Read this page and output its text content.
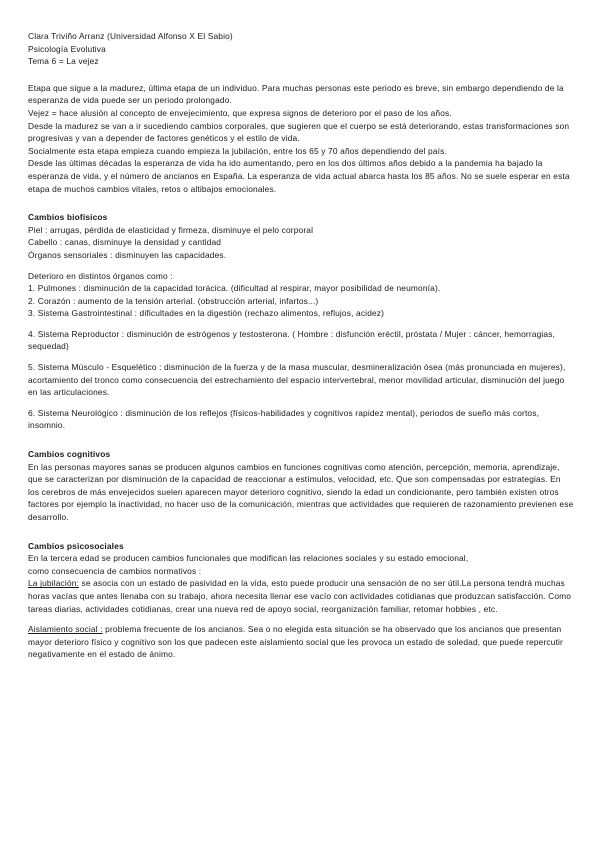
Clara Triviño Arranz (Universidad Alfonso X El Sabio)
Psicología Evolutiva
Tema 6 = La vejez
Etapa que sigue a la madurez, última etapa de un individuo. Para muchas personas este periodo es breve, sin embargo dependiendo de la esperanza de vida puede ser un periodo prolongado.
Vejez = hace alusión al concepto de envejecimiento, que expresa signos de deterioro por el paso de los años.
Desde la madurez se van a ir sucediendo cambios corporales, que sugieren que el cuerpo se está deteriorando, estas transformaciones son progresivas y van a depender de factores genéticos y el estilo de vida.
Socialmente esta etapa empieza cuando empieza la jubilación, entre los 65 y 70 años dependiendo del país.
Desde las últimas décadas la esperanza de vida ha ido aumentando, pero en los dos últimos años debido a la pandemia ha bajado la esperanza de vida, y el número de ancianos en España. La esperanza de vida actual abarca hasta los 85 años. No se suele esperar en esta etapa de muchos cambios vitales, retos o altibajos emocionales.
Cambios biofísicos
Piel : arrugas, pérdida de elasticidad y firmeza, disminuye el pelo corporal
Cabello : canas, disminuye la densidad y cantidad
Órganos sensoriales : disminuyen las capacidades.
Deterioro en distintos órganos como :
1. Pulmones : disminución de la capacidad torácica. (dificultad al respirar, mayor posibilidad de neumonía).
2. Corazón : aumento de la tensión arterial. (obstrucción arterial, infartos...)
3. Sistema Gastrointestinal : dificultades en la digestión (rechazo alimentos, reflujos, acidez)
4. Sistema Reproductor : disminución de estrógenos y testosterona. ( Hombre : disfunción eréctil, próstata / Mujer : cáncer, hemorragias, sequedad)
5. Sistema Músculo - Esquelético : disminución de la fuerza y de la masa muscular, desmineralización ósea (más pronunciada en mujeres), acortamiento del tronco como consecuencia del estrechamiento del espacio intervertebral, menor movilidad articular, disminución del juego en las articulaciones.
6. Sistema Neurológico : disminución de los reflejos (físicos-habilidades y cognitivos rapidez mental), periodos de sueño más cortos, insomnio.
Cambios cognitivos
En las personas mayores sanas se producen algunos cambios en funciones cognitivas como atención, percepción, memoria, aprendizaje, que se caracterizan por disminución de la capacidad de reaccionar a estímulos, velocidad, etc. Que son compensadas por estrategias. En los cerebros de más envejecidos suelen aparecen mayor deterioro cognitivo, siendo la edad un condicionante, pero también existen otros factores por ejemplo la inactividad, no hacer uso de la comunicación, mientras que actividades que requieren de razonamiento previenen ese desarrollo.
Cambios psicosociales
En la tercera edad se producen cambios funcionales que modifican las relaciones sociales y su estado emocional,
como consecuencia de cambios normativos :
La jubilación: se asocia con un estado de pasividad en la vida, esto puede producir una sensación de no ser útil.La persona tendrá muchas horas vacías que antes llenaba con su trabajo, ahora necesita llenar ese vacío con actividades cotidianas que produzcan satisfacción. Como tareas diarias, actividades cotidianas, crear una nueva red de apoyo social, reorganización familiar, retomar hobbies , etc.
Aislamiento social : problema frecuente de los ancianos. Sea o no elegida esta situación se ha observado que los ancianos que presentan mayor deterioro físico y cognitivo son los que padecen este aislamiento social que les provoca un estado de soledad, que puede repercutir negativamente en el estado de ánimo.
